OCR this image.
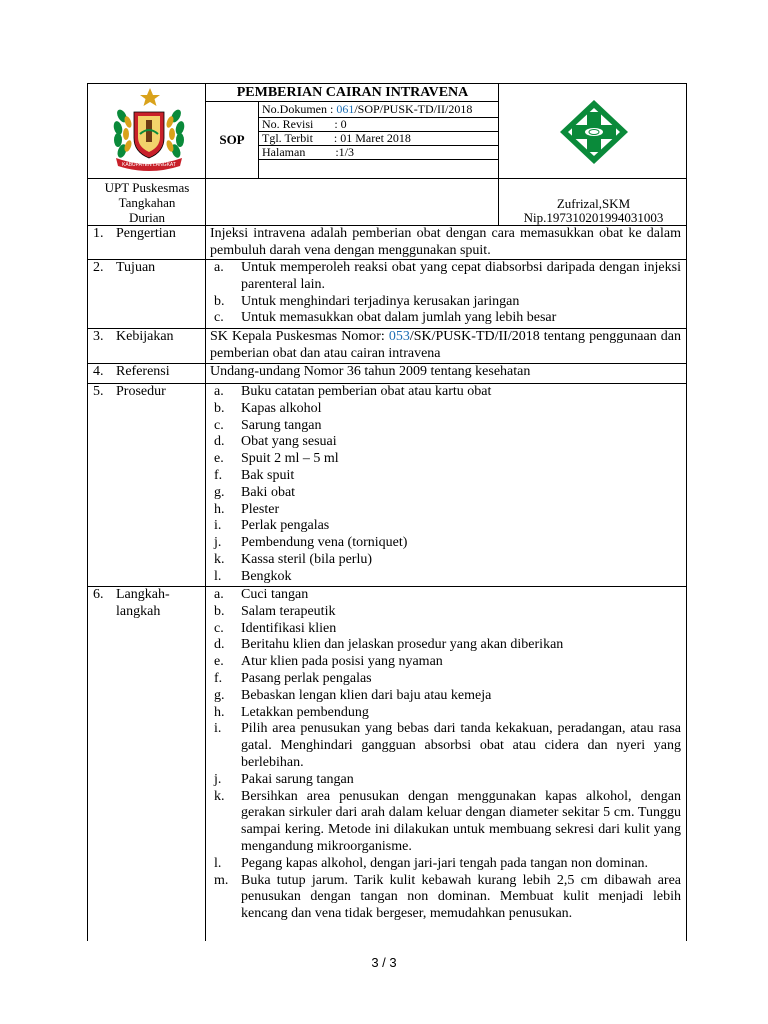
KABUPATEN LANGKAT
PEMBERIAN CAIRAN INTRAVENA
SOP
No.Dokumen : 061/SOP/PUSK-TD/II/2018
No. Revisi       : 0
Tgl. Terbit       : 01 Maret 2018
Halaman          :1/3
UPT Puskesmas
Tangkahan
Durian
Zufrizal,SKM
Nip.197310201994031003
1. Pengertian	Injeksi intravena adalah pemberian obat dengan cara memasukkan obat ke dalam pembuluh darah vena dengan menggunakan spuit.
2. Tujuan	a.	Untuk memperoleh reaksi obat yang cepat diabsorbsi daripada dengan injeksi parenteral lain.
b.	Untuk menghindari terjadinya kerusakan jaringan
c.	Untuk memasukkan obat dalam jumlah yang lebih besar
3. Kebijakan	SK Kepala Puskesmas Nomor: 053/SK/PUSK-TD/II/2018 tentang penggunaan dan pemberian obat dan atau cairan intravena
4. Referensi	Undang-undang Nomor 36 tahun 2009 tentang kesehatan
5. Prosedur	a.	Buku catatan pemberian obat atau kartu obat
b.	Kapas alkohol
c.	Sarung tangan
d.	Obat yang sesuai
e.	Spuit 2 ml – 5 ml
f.	Bak spuit
g.	Baki obat
h.	Plester
i.	Perlak pengalas
j.	Pembendung vena (torniquet)
k.	Kassa steril (bila perlu)
l.	Bengkok
6. Langkah-
langkah
a.	Cuci tangan
b.	Salam terapeutik
c.	Identifikasi klien
d.	Beritahu klien dan jelaskan prosedur yang akan diberikan
e.	Atur klien pada posisi yang nyaman
f.	Pasang perlak pengalas
g.	Bebaskan lengan klien dari baju atau kemeja
h.	Letakkan pembendung
i.	Pilih area penusukan yang bebas dari tanda kekakuan, peradangan, atau rasa gatal. Menghindari gangguan absorbsi obat atau cidera dan nyeri yang berlebihan.
j.	Pakai sarung tangan
k.	Bersihkan area penusukan dengan menggunakan kapas alkohol, dengan gerakan sirkuler dari arah dalam keluar dengan diameter sekitar 5 cm. Tunggu sampai kering. Metode ini dilakukan untuk membuang sekresi dari kulit yang mengandung mikroorganisme.
l.	Pegang kapas alkohol, dengan jari-jari tengah pada tangan non dominan.
m. Buka tutup jarum. Tarik kulit kebawah kurang lebih 2,5 cm dibawah area penusukan dengan tangan non dominan. Membuat kulit menjadi lebih kencang dan vena tidak bergeser, memudahkan penusukan.
3 / 3
